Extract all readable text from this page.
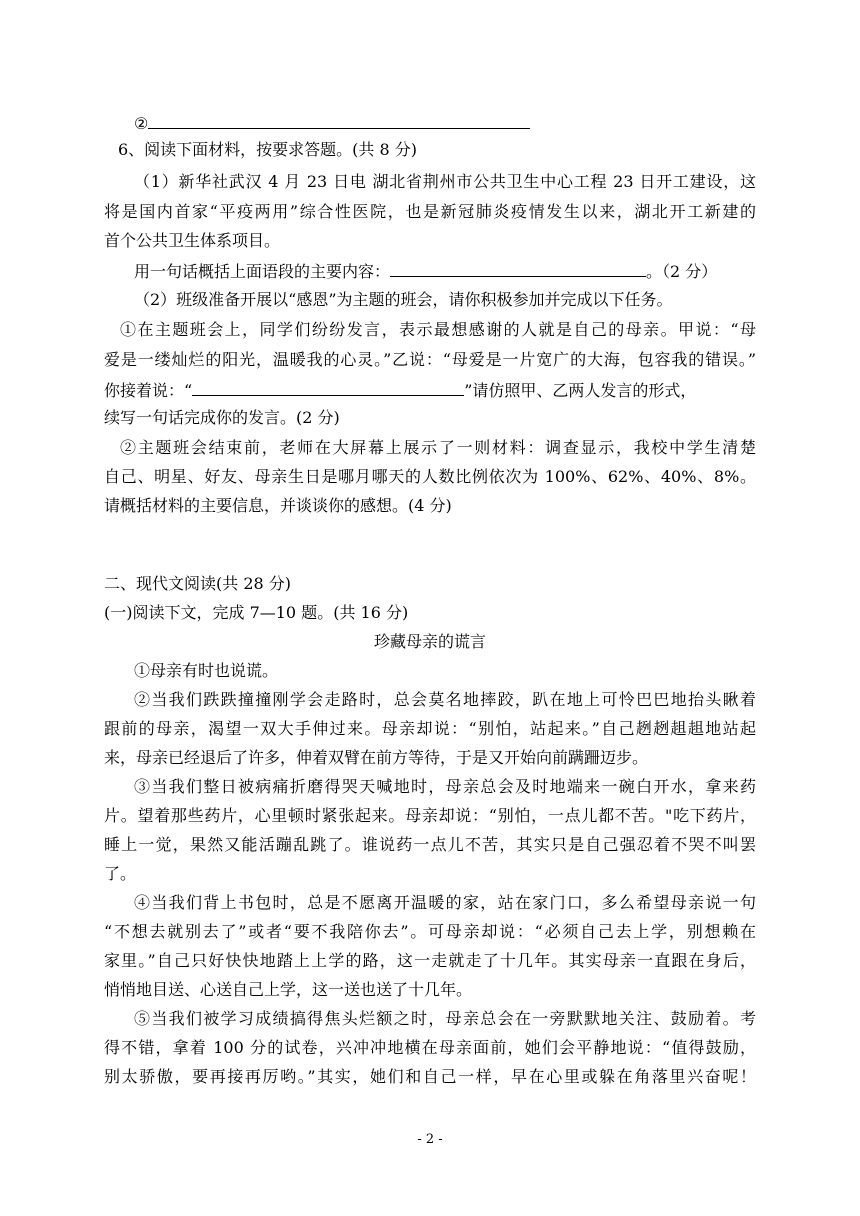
②
6、阅读下面材料，按要求答题。(共 8 分)
（1）新华社武汉 4 月 23 日电 湖北省荆州市公共卫生中心工程 23 日开工建设，这
将是国内首家“平疫两用”综合性医院，也是新冠肺炎疫情发生以来，湖北开工新建的
首个公共卫生体系项目。
用一句话概括上面语段的主要内容：	。（2 分）
（2）班级准备开展以“感恩”为主题的班会，请你积极参加并完成以下任务。
①在主题班会上，同学们纷纷发言，表示最想感谢的人就是自己的母亲。甲说：“母
爱是一缕灿烂的阳光，温暖我的心灵。”乙说：“母爱是一片宽广的大海，包容我的错误。”
你接着说：“	”请仿照甲、乙两人发言的形式，
续写一句话完成你的发言。(2 分)
②主题班会结束前，老师在大屏幕上展示了一则材料：调查显示，我校中学生清楚
自己、明星、好友、母亲生日是哪月哪天的人数比例依次为 100%、62%、40%、8%。
请概括材料的主要信息，并谈谈你的感想。(4 分)
二、现代文阅读(共 28 分)
(一)阅读下文，完成 7—10 题。(共 16 分)
珍藏母亲的谎言
①母亲有时也说谎。
②当我们跌跌撞撞刚学会走路时，总会莫名地摔跤，趴在地上可怜巴巴地抬头瞅着
跟前的母亲，渴望一双大手伸过来。母亲却说：“别怕，站起来。”自己趔趔趄趄地站起
来，母亲已经退后了许多，伸着双臂在前方等待，于是又开始向前蹒跚迈步。
③当我们整日被病痛折磨得哭天喊地时，母亲总会及时地端来一碗白开水，拿来药
片。望着那些药片，心里顿时紧张起来。母亲却说：“别怕，一点儿都不苦。"吃下药片，
睡上一觉，果然又能活蹦乱跳了。谁说药一点儿不苦，其实只是自己强忍着不哭不叫罢
了。
④当我们背上书包时，总是不愿离开温暖的家，站在家门口，多么希望母亲说一句
“不想去就别去了”或者“要不我陪你去”。可母亲却说：“必须自己去上学，别想赖在
家里。”自己只好快快地踏上上学的路，这一走就走了十几年。其实母亲一直跟在身后，
悄悄地目送、心送自己上学，这一送也送了十几年。
⑤当我们被学习成绩搞得焦头烂额之时，母亲总会在一旁默默地关注、鼓励着。考
得不错，拿着 100 分的试卷，兴冲冲地横在母亲面前，她们会平静地说：“值得鼓励，
别太骄傲，要再接再厉哟。”其实，她们和自己一样，早在心里或躲在角落里兴奋呢！
- 2 -
